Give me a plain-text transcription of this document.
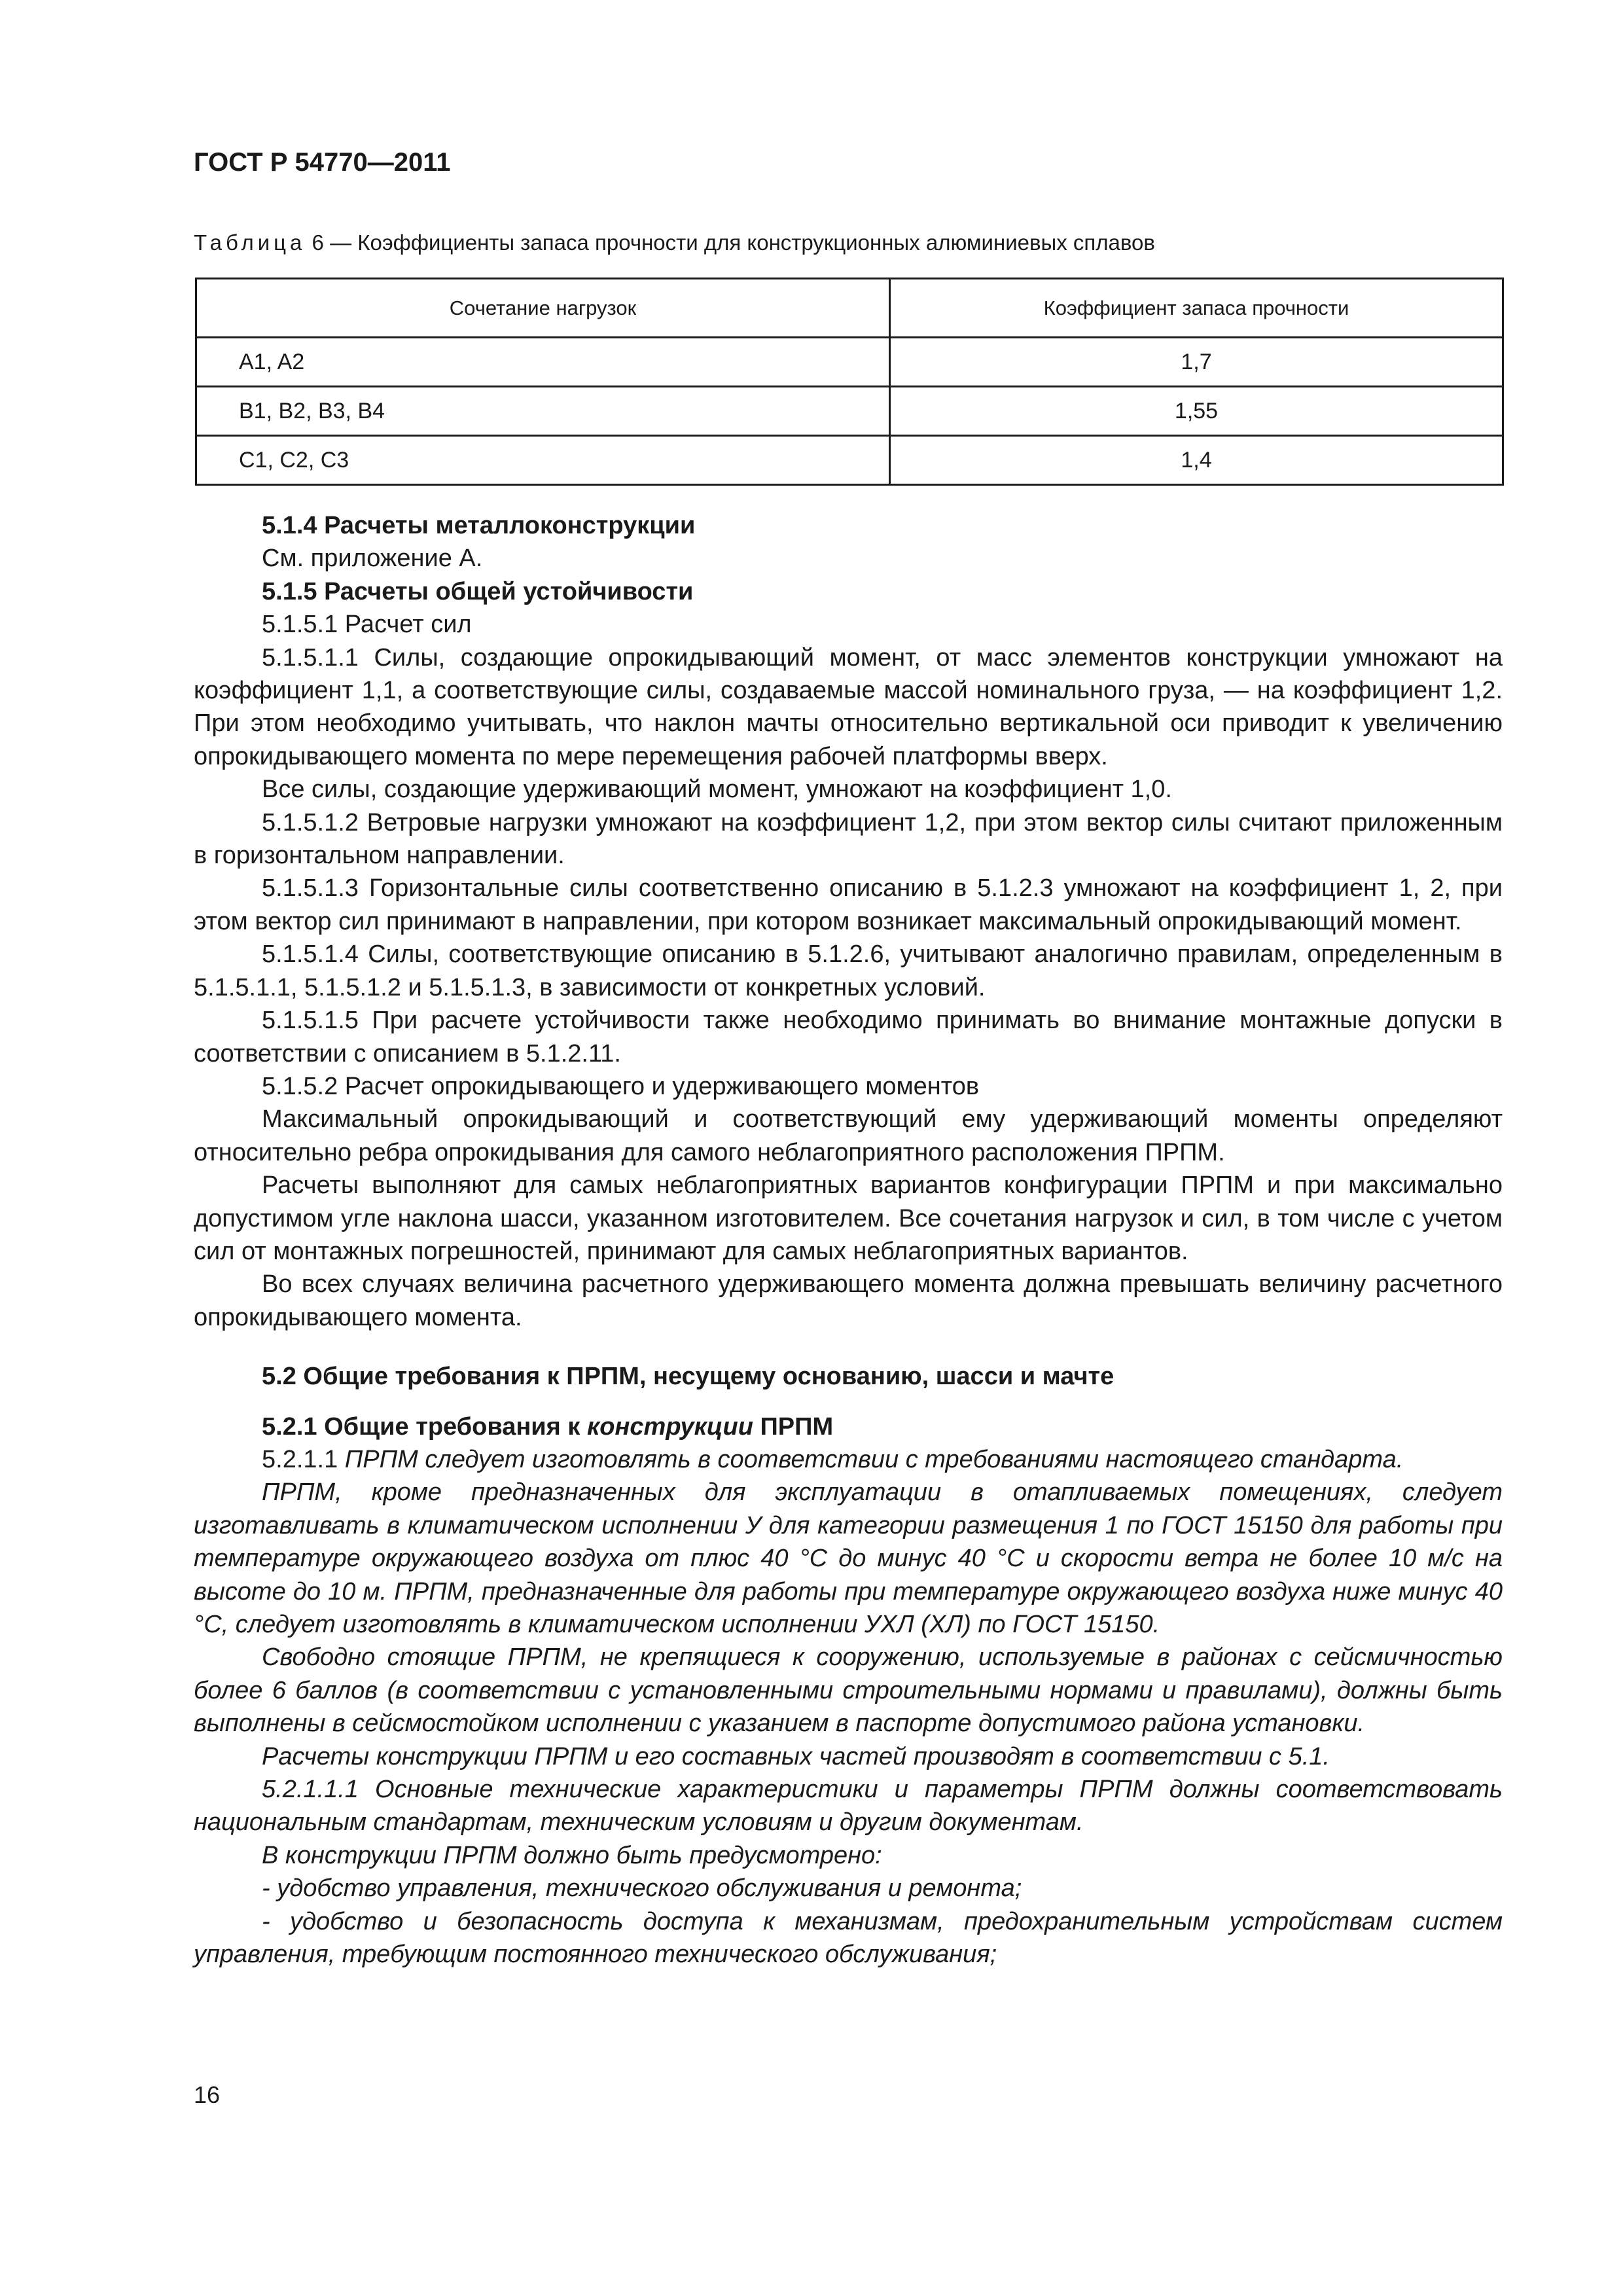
ГОСТ Р 54770—2011
Таблица 6 — Коэффициенты запаса прочности для конструкционных алюминиевых сплавов
Сочетание нагрузок	Коэффициент запаса прочности
A1, A2	1,7
B1, B2, B3, B4	1,55
C1, C2, C3	1,4

5.1.4 Расчеты металлоконструкции

См. приложение А.

5.1.5 Расчеты общей устойчивости

5.1.5.1 Расчет сил

5.1.5.1.1 Силы, создающие опрокидывающий момент, от масс элементов конструкции умножают на коэффициент 1,1, а соответствующие силы, создаваемые массой номинального груза, — на коэффициент 1,2. При этом необходимо учитывать, что наклон мачты относительно вертикальной оси приводит к увеличению опрокидывающего момента по мере перемещения рабочей платформы вверх.

Все силы, создающие удерживающий момент, умножают на коэффициент 1,0.

5.1.5.1.2 Ветровые нагрузки умножают на коэффициент 1,2, при этом вектор силы считают приложенным в горизонтальном направлении.

5.1.5.1.3 Горизонтальные силы соответственно описанию в 5.1.2.3 умножают на коэффициент 1, 2, при этом вектор сил принимают в направлении, при котором возникает максимальный опрокидывающий момент.

5.1.5.1.4 Силы, соответствующие описанию в 5.1.2.6, учитывают аналогично правилам, определенным в 5.1.5.1.1, 5.1.5.1.2 и 5.1.5.1.3, в зависимости от конкретных условий.

5.1.5.1.5 При расчете устойчивости также необходимо принимать во внимание монтажные допуски в соответствии с описанием в 5.1.2.11.

5.1.5.2 Расчет опрокидывающего и удерживающего моментов

Максимальный опрокидывающий и соответствующий ему удерживающий моменты определяют относительно ребра опрокидывания для самого неблагоприятного расположения ПРПМ.

Расчеты выполняют для самых неблагоприятных вариантов конфигурации ПРПМ и при максимально допустимом угле наклона шасси, указанном изготовителем. Все сочетания нагрузок и сил, в том числе с учетом сил от монтажных погрешностей, принимают для самых неблагоприятных вариантов.

Во всех случаях величина расчетного удерживающего момента должна превышать величину расчетного опрокидывающего момента.

5.2 Общие требования к ПРПМ, несущему основанию, шасси и мачте

5.2.1 Общие требования к конструкции ПРПМ

5.2.1.1 ПРПМ следует изготовлять в соответствии с требованиями настоящего стандарта.

ПРПМ, кроме предназначенных для эксплуатации в отапливаемых помещениях, следует изготавливать в климатическом исполнении У для категории размещения 1 по ГОСТ 15150 для работы при температуре окружающего воздуха от плюс 40 °С до минус 40 °С и скорости ветра не более 10 м/с на высоте до 10 м. ПРПМ, предназначенные для работы при температуре окружающего воздуха ниже минус 40 °С, следует изготовлять в климатическом исполнении УХЛ (ХЛ) по ГОСТ 15150.

Свободно стоящие ПРПМ, не крепящиеся к сооружению, используемые в районах с сейсмичностью более 6 баллов (в соответствии с установленными строительными нормами и правилами), должны быть выполнены в сейсмостойком исполнении с указанием в паспорте допустимого района установки.

Расчеты конструкции ПРПМ и его составных частей производят в соответствии с 5.1.

5.2.1.1.1 Основные технические характеристики и параметры ПРПМ должны соответствовать национальным стандартам, техническим условиям и другим документам.

В конструкции ПРПМ должно быть предусмотрено:

- удобство управления, технического обслуживания и ремонта;

- удобство и безопасность доступа к механизмам, предохранительным устройствам систем управления, требующим постоянного технического обслуживания;

16
